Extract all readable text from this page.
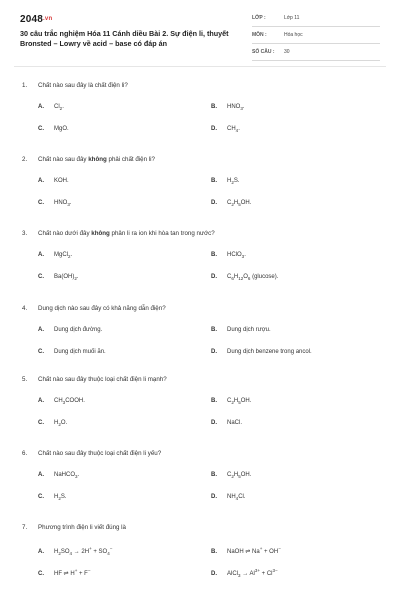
$2048^{.vn}$
30 câu trắc nghiệm Hóa 11 Cánh diều Bài 2. Sự điện li, thuyết Bronsted – Lowry về acid – base có đáp án
LỚP :	Lớp 11
MÔN :	Hóa học
SỐ CÂU : 30
1. Chất nào sau đây là chất điện li?
A. $Cl_2$.	B. $HNO_3$.
C. MgO.	D. $CH_4$.
2. Chất nào sau đây không phải chất điện li?
A. KOH.	B. $H_2S$.
C. $HNO_3$.	D. $C_2H_5OH$.
3. Chất nào dưới đây không phân li ra ion khi hòa tan trong nước?
A. MgCl$_2$.	B. HClO$_3$.
C. $Ba(OH)_2$.	D. $C_6H_{12}O_6$ (glucose).
4. Dung dịch nào sau đây có khả năng dẫn điện?
A. Dung dịch đường.	B. Dung dịch rượu.
C. Dung dịch muối ăn.	D. Dung dịch benzene trong ancol.
5. Chất nào sau đây thuộc loại chất điện li mạnh?
A. $CH_3COOH$.	B. $C_2H_5OH$.
C. $H_2O$.	D. NaCl.
6. Chất nào sau đây thuộc loại chất điện li yếu?
A. NaHCO$_3$.	B. $C_2H_5OH$.
C. $H_2S$.	D. $NH_4Cl$.
7. Phương trình điện li viết đúng là
A. $H_2SO_4 \to 2H^+ + SO_4^-$
B. NaOH ⇌ Na+ + OH−
C. HF ⇌ H+ + F−
D. AlCl$_3$ → $Al^{3+} + Cl^{3-}$
